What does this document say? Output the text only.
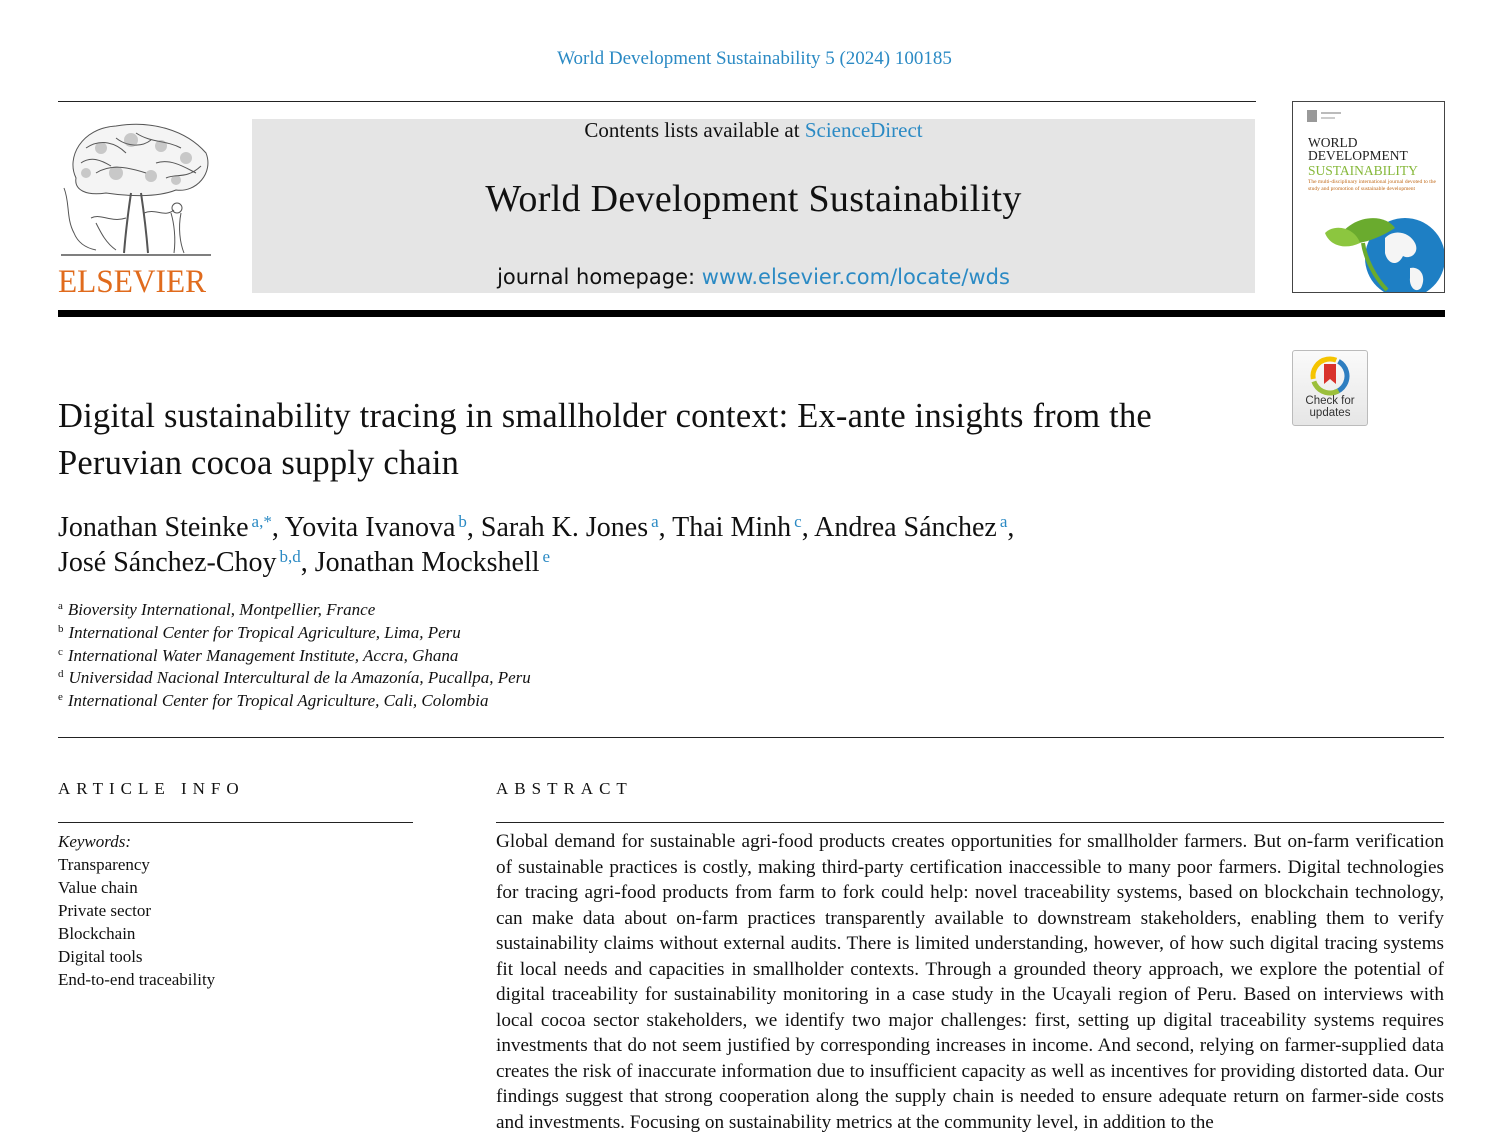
World Development Sustainability 5 (2024) 100185
ELSEVIER
Contents lists available at ScienceDirect
World Development Sustainability
journal homepage: www.elsevier.com/locate/wds
WORLD
DEVELOPMENT
SUSTAINABILITY
The multi-disciplinary international journal devoted to the study and promotion of sustainable development
Check for updates
Digital sustainability tracing in smallholder context: Ex-ante insights from the Peruvian cocoa supply chain
Jonathan Steinke $^{a,*}$, Yovita Ivanova $^b$, Sarah K. Jones $^a$, Thai Minh $^c$, Andrea Sánchez $^a$,
José Sánchez-Choy $^{b,d}$, Jonathan Mockshell $^e$
$^a$ Bioversity International, Montpellier, France
$^b$ International Center for Tropical Agriculture, Lima, Peru
$^c$ International Water Management Institute, Accra, Ghana
$^d$ Universidad Nacional Intercultural de la Amazonía, Pucallpa, Peru
$^e$ International Center for Tropical Agriculture, Cali, Colombia
ARTICLE INFO
Keywords:
Transparency
Value chain
Private sector
Blockchain
Digital tools
End-to-end traceability
ABSTRACT
Global demand for sustainable agri-food products creates opportunities for smallholder farmers. But on-farm verification of sustainable practices is costly, making third-party certification inaccessible to many poor farmers. Digital technologies for tracing agri-food products from farm to fork could help: novel traceability systems, based on blockchain technology, can make data about on-farm practices transparently available to downstream stakeholders, enabling them to verify sustainability claims without external audits. There is limited understanding, however, of how such digital tracing systems fit local needs and capacities in smallholder contexts. Through a grounded theory approach, we explore the potential of digital traceability for sustainability monitoring in a case study in the Ucayali region of Peru. Based on interviews with local cocoa sector stakeholders, we identify two major challenges: first, setting up digital traceability systems requires investments that do not seem justified by corresponding increases in income. And second, relying on farmer-supplied data creates the risk of inaccurate information due to insufficient capacity as well as incentives for providing distorted data. Our findings suggest that strong cooperation along the supply chain is needed to ensure adequate return on farmer-side costs and investments. Focusing on sustainability metrics at the community level, in addition to the
